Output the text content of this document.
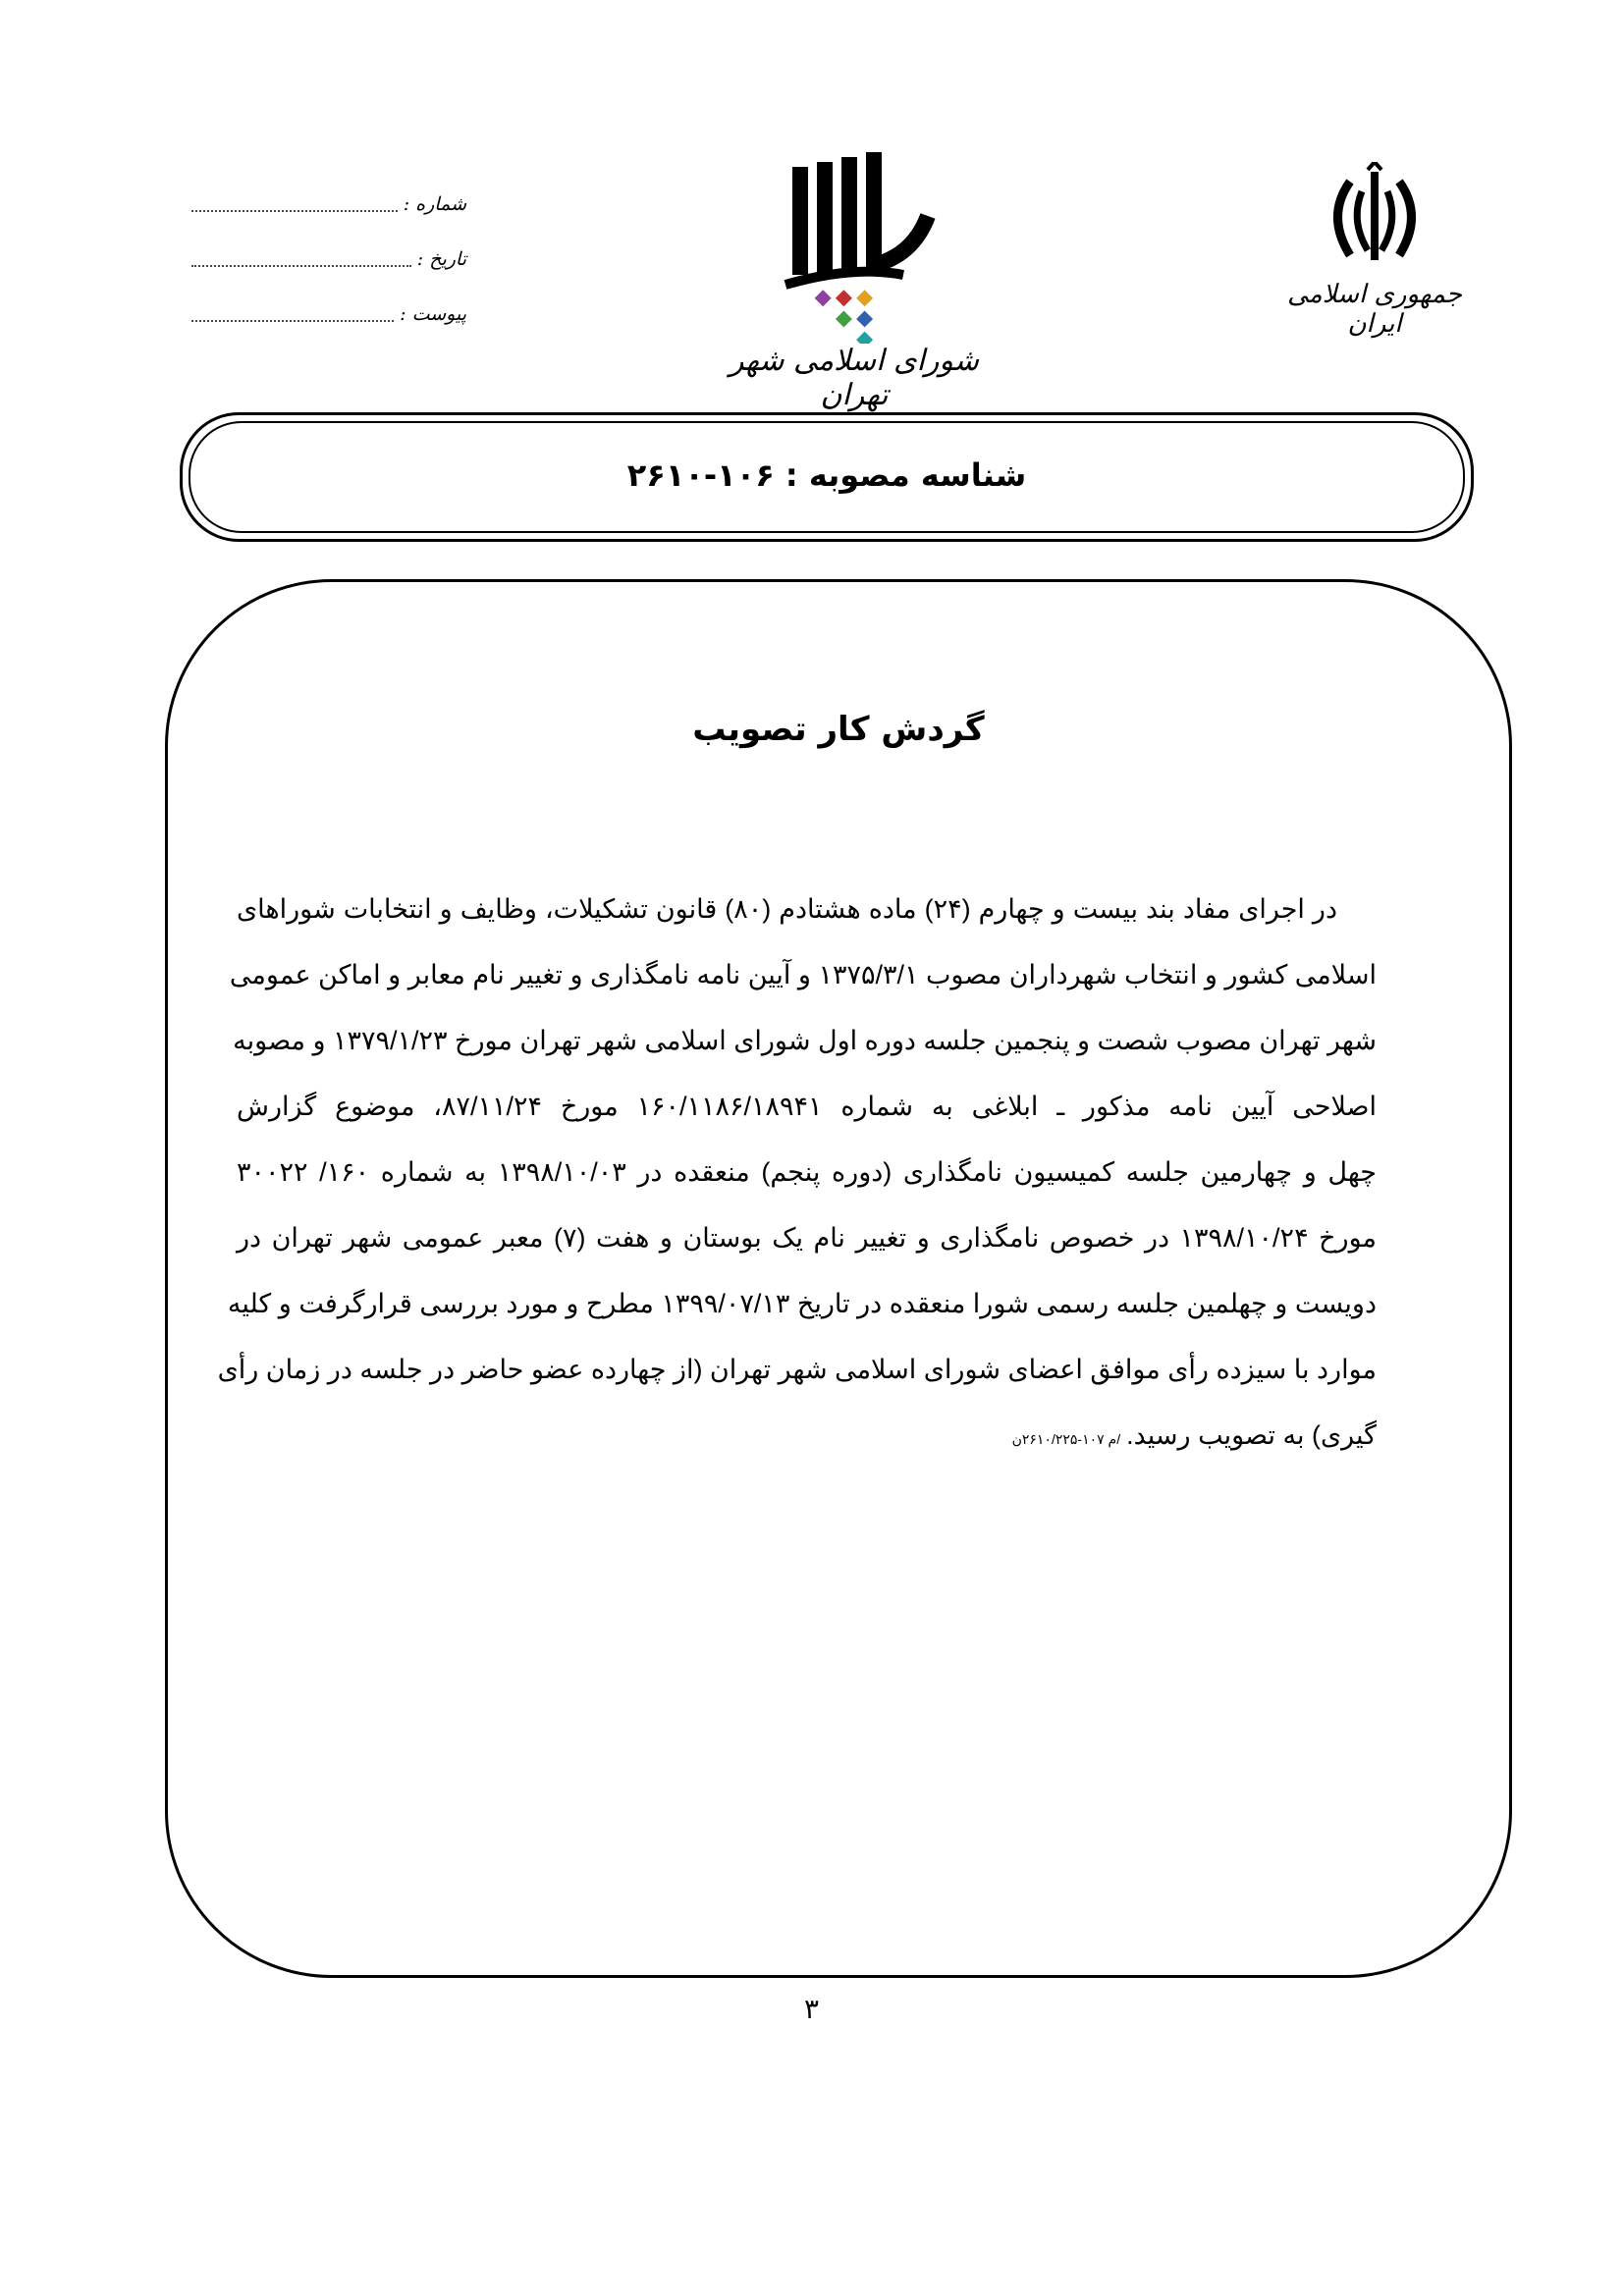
شماره :
تاریخ :
پیوست :
شورای اسلامی شهر تهران
جمهوری اسلامی ایران
شناسه مصوبه : ۱۰۶-۲۶۱۰
گردش کار تصویب
در اجرای مفاد بند بیست و چهارم (۲۴) ماده هشتادم (۸۰) قانون تشکیلات، وظایف و انتخابات شوراهای
اسلامی کشور و انتخاب شهرداران مصوب ۱۳۷۵/۳/۱ و آیین نامه نامگذاری و تغییر نام معابر و اماکن عمومی
شهر تهران مصوب شصت و پنجمین جلسه دوره اول شورای اسلامی شهر تهران مورخ ۱۳۷۹/۱/۲۳ و مصوبه
اصلاحی آیین نامه مذکور ـ ابلاغی به شماره ۱۶۰/۱۱۸۶/۱۸۹۴۱ مورخ ۸۷/۱۱/۲۴، موضوع گزارش
چهل و چهارمین جلسه کمیسیون نامگذاری (دوره پنجم) منعقده در ۱۳۹۸/۱۰/۰۳ به شماره ۱۶۰/ ۳۰۰۲۲
مورخ ۱۳۹۸/۱۰/۲۴ در خصوص نامگذاری و تغییر نام یک بوستان و هفت (۷) معبر عمومی شهر تهران در
دویست و چهلمین جلسه رسمی شورا منعقده در تاریخ ۱۳۹۹/۰۷/۱۳ مطرح و مورد بررسی قرارگرفت و کلیه
موارد با سیزده رأی موافق اعضای شورای اسلامی شهر تهران (از چهارده عضو حاضر در جلسه در زمان رأی
گیری) به تصویب رسید./م ۱۰۷-۲۶۱۰/۲۲۵ن
۳
